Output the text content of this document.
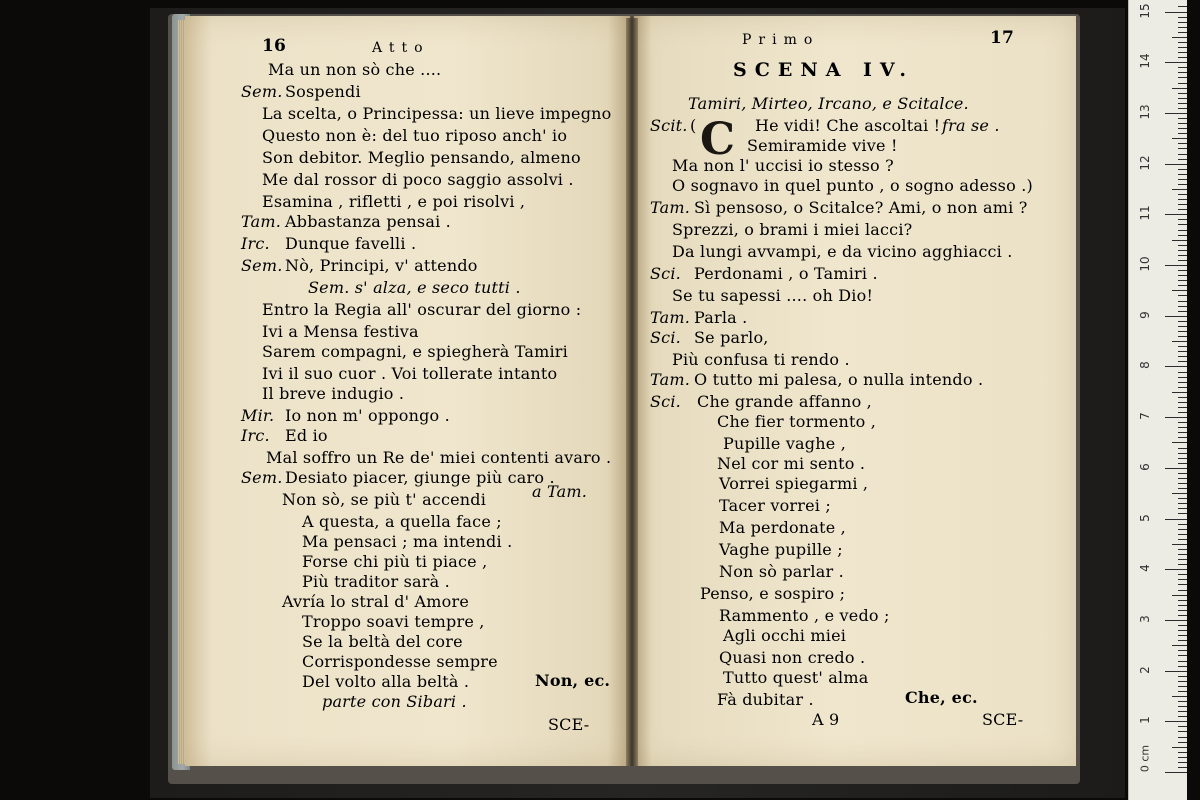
16	Atto
Ma un non sò che ....
Sem. Sospendi
La scelta, o Principessa: un lieve impegno
Questo non è: del tuo riposo anch' io
Son debitor. Meglio pensando, almeno
Me dal rossor di poco saggio assolvi .
Esamina , rifletti , e poi risolvi ,
Tam. Abbastanza pensai .
Irc. Dunque favelli .
Sem. Nò, Principi, v' attendo
Sem. s' alza, e seco tutti .
Entro la Regia all' oscurar del giorno :
Ivi a Mensa festiva
Sarem compagni, e spiegherà Tamiri
Ivi il suo cuor . Voi tollerate intanto
Il breve indugio .
Mir. Io non m' oppongo .
Irc. Ed io
Mal soffro un Re de' miei contenti avaro .
Sem. Desiato piacer, giunge più caro .
Non sò, se più t' accendi
A questa, a quella face ;
Ma pensaci ; ma intendi .
Forse chi più ti piace ,
Più traditor sarà .
Avría lo stral d' Amore
Troppo soavi tempre ,
Se la beltà del core
Corrispondesse sempre
Del volto alla beltà .
a Tam.
Non, ec.
parte con Sibari .
SCE-
Primo	17
SCENA IV.
Tamiri, Mirteo, Ircano, e Scitalce.
( C	fra se .
Scit.	He vidi! Che ascoltai !
Semiramide vive !
Ma non l' uccisi io stesso ?
O sognavo in quel punto , o sogno adesso .)
Tam. Sì pensoso, o Scitalce? Ami, o non ami ?
Sprezzi, o brami i miei lacci?
Da lungi avvampi, e da vicino agghiacci .
Sci. Perdonami , o Tamiri .
Se tu sapessi .... oh Dio!
Tam. Parla .
Sci. Se parlo,
Più confusa ti rendo .
Tam. O tutto mi palesa, o nulla intendo .
Sci. Che grande affanno ,
Che fier tormento ,
Pupille vaghe ,
Nel cor mi sento .
Vorrei spiegarmi ,
Tacer vorrei ;
Ma perdonate ,
Vaghe pupille ;
Non sò parlar .
Penso, e sospiro ;
Rammento , e vedo ;
Agli occhi miei
Quasi non credo .
Tutto quest' alma
Fà dubitar .	Che, ec.
A 9	SCE-	1
2
3
4
5
6
7
8
9
10
11
12
13
14
15
0 cm
